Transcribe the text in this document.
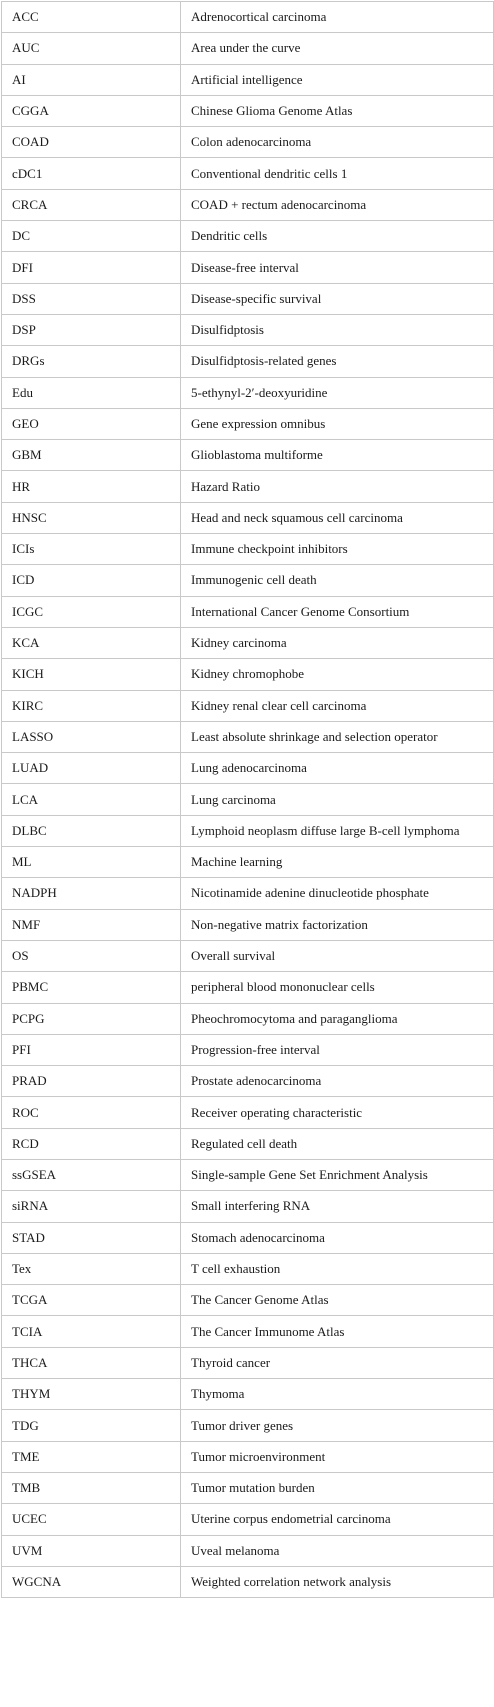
ACC	Adrenocortical carcinoma
AUC	Area under the curve
AI	Artificial intelligence
CGGA	Chinese Glioma Genome Atlas
COAD	Colon adenocarcinoma
cDC1	Conventional dendritic cells 1
CRCA	COAD + rectum adenocarcinoma
DC	Dendritic cells
DFI	Disease-free interval
DSS	Disease-specific survival
DSP	Disulfidptosis
DRGs	Disulfidptosis-related genes
Edu	5-ethynyl-2′-deoxyuridine
GEO	Gene expression omnibus
GBM	Glioblastoma multiforme
HR	Hazard Ratio
HNSC	Head and neck squamous cell carcinoma
ICIs	Immune checkpoint inhibitors
ICD	Immunogenic cell death
ICGC	International Cancer Genome Consortium
KCA	Kidney carcinoma
KICH	Kidney chromophobe
KIRC	Kidney renal clear cell carcinoma
LASSO	Least absolute shrinkage and selection operator
LUAD	Lung adenocarcinoma
LCA	Lung carcinoma
DLBC	Lymphoid neoplasm diffuse large B-cell lymphoma
ML	Machine learning
NADPH	Nicotinamide adenine dinucleotide phosphate
NMF	Non-negative matrix factorization
OS	Overall survival
PBMC	peripheral blood mononuclear cells
PCPG	Pheochromocytoma and paraganglioma
PFI	Progression-free interval
PRAD	Prostate adenocarcinoma
ROC	Receiver operating characteristic
RCD	Regulated cell death
ssGSEA	Single-sample Gene Set Enrichment Analysis
siRNA	Small interfering RNA
STAD	Stomach adenocarcinoma
Tex	T cell exhaustion
TCGA	The Cancer Genome Atlas
TCIA	The Cancer Immunome Atlas
THCA	Thyroid cancer
THYM	Thymoma
TDG	Tumor driver genes
TME	Tumor microenvironment
TMB	Tumor mutation burden
UCEC	Uterine corpus endometrial carcinoma
UVM	Uveal melanoma
WGCNA	Weighted correlation network analysis
